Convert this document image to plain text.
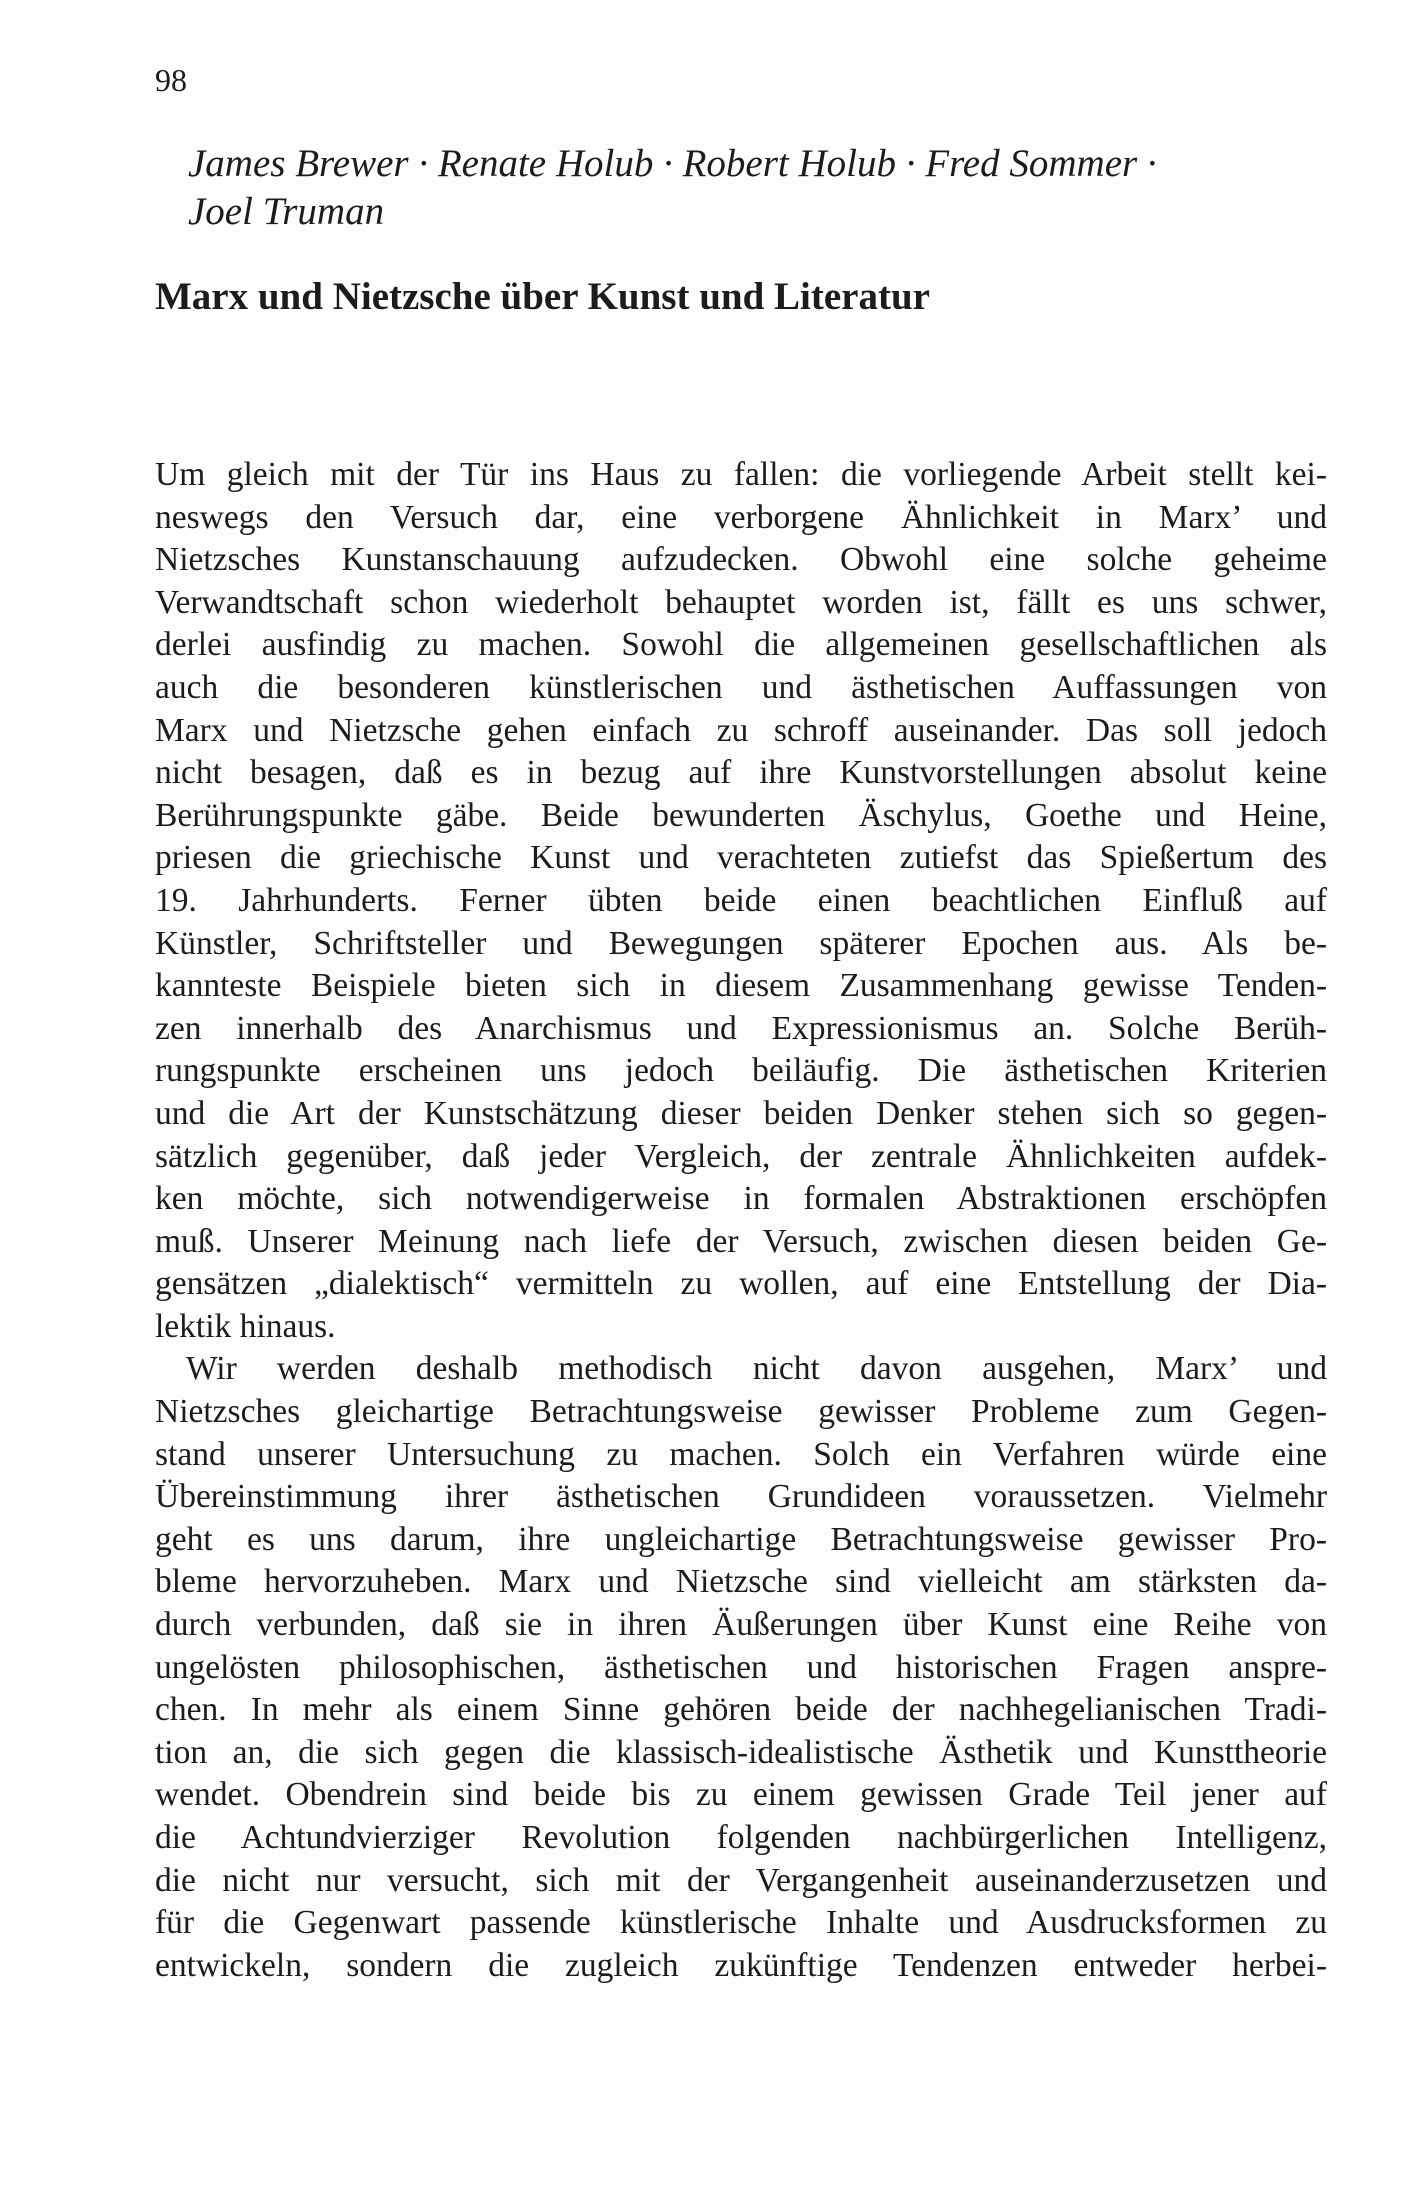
98
James Brewer · Renate Holub · Robert Holub · Fred Sommer ·
Joel Truman
Marx und Nietzsche über Kunst und Literatur
Um gleich mit der Tür ins Haus zu fallen: die vorliegende Arbeit stellt kei-
neswegs den Versuch dar, eine verborgene Ähnlichkeit in Marx’ und
Nietzsches Kunstanschauung aufzudecken. Obwohl eine solche geheime
Verwandtschaft schon wiederholt behauptet worden ist, fällt es uns schwer,
derlei ausfindig zu machen. Sowohl die allgemeinen gesellschaftlichen als
auch die besonderen künstlerischen und ästhetischen Auffassungen von
Marx und Nietzsche gehen einfach zu schroff auseinander. Das soll jedoch
nicht besagen, daß es in bezug auf ihre Kunstvorstellungen absolut keine
Berührungspunkte gäbe. Beide bewunderten Äschylus, Goethe und Heine,
priesen die griechische Kunst und verachteten zutiefst das Spießertum des
19. Jahrhunderts. Ferner übten beide einen beachtlichen Einfluß auf
Künstler, Schriftsteller und Bewegungen späterer Epochen aus. Als be-
kannteste Beispiele bieten sich in diesem Zusammenhang gewisse Tenden-
zen innerhalb des Anarchismus und Expressionismus an. Solche Berüh-
rungspunkte erscheinen uns jedoch beiläufig. Die ästhetischen Kriterien
und die Art der Kunstschätzung dieser beiden Denker stehen sich so gegen-
sätzlich gegenüber, daß jeder Vergleich, der zentrale Ähnlichkeiten aufdek-
ken möchte, sich notwendigerweise in formalen Abstraktionen erschöpfen
muß. Unserer Meinung nach liefe der Versuch, zwischen diesen beiden Ge-
gensätzen „dialektisch“ vermitteln zu wollen, auf eine Entstellung der Dia-
lektik hinaus.
Wir werden deshalb methodisch nicht davon ausgehen, Marx’ und
Nietzsches gleichartige Betrachtungsweise gewisser Probleme zum Gegen-
stand unserer Untersuchung zu machen. Solch ein Verfahren würde eine
Übereinstimmung ihrer ästhetischen Grundideen voraussetzen. Vielmehr
geht es uns darum, ihre ungleichartige Betrachtungsweise gewisser Pro-
bleme hervorzuheben. Marx und Nietzsche sind vielleicht am stärksten da-
durch verbunden, daß sie in ihren Äußerungen über Kunst eine Reihe von
ungelösten philosophischen, ästhetischen und historischen Fragen anspre-
chen. In mehr als einem Sinne gehören beide der nachhegelianischen Tradi-
tion an, die sich gegen die klassisch-idealistische Ästhetik und Kunsttheorie
wendet. Obendrein sind beide bis zu einem gewissen Grade Teil jener auf
die Achtundvierziger Revolution folgenden nachbürgerlichen Intelligenz,
die nicht nur versucht, sich mit der Vergangenheit auseinanderzusetzen und
für die Gegenwart passende künstlerische Inhalte und Ausdrucksformen zu
entwickeln, sondern die zugleich zukünftige Tendenzen entweder herbei-
